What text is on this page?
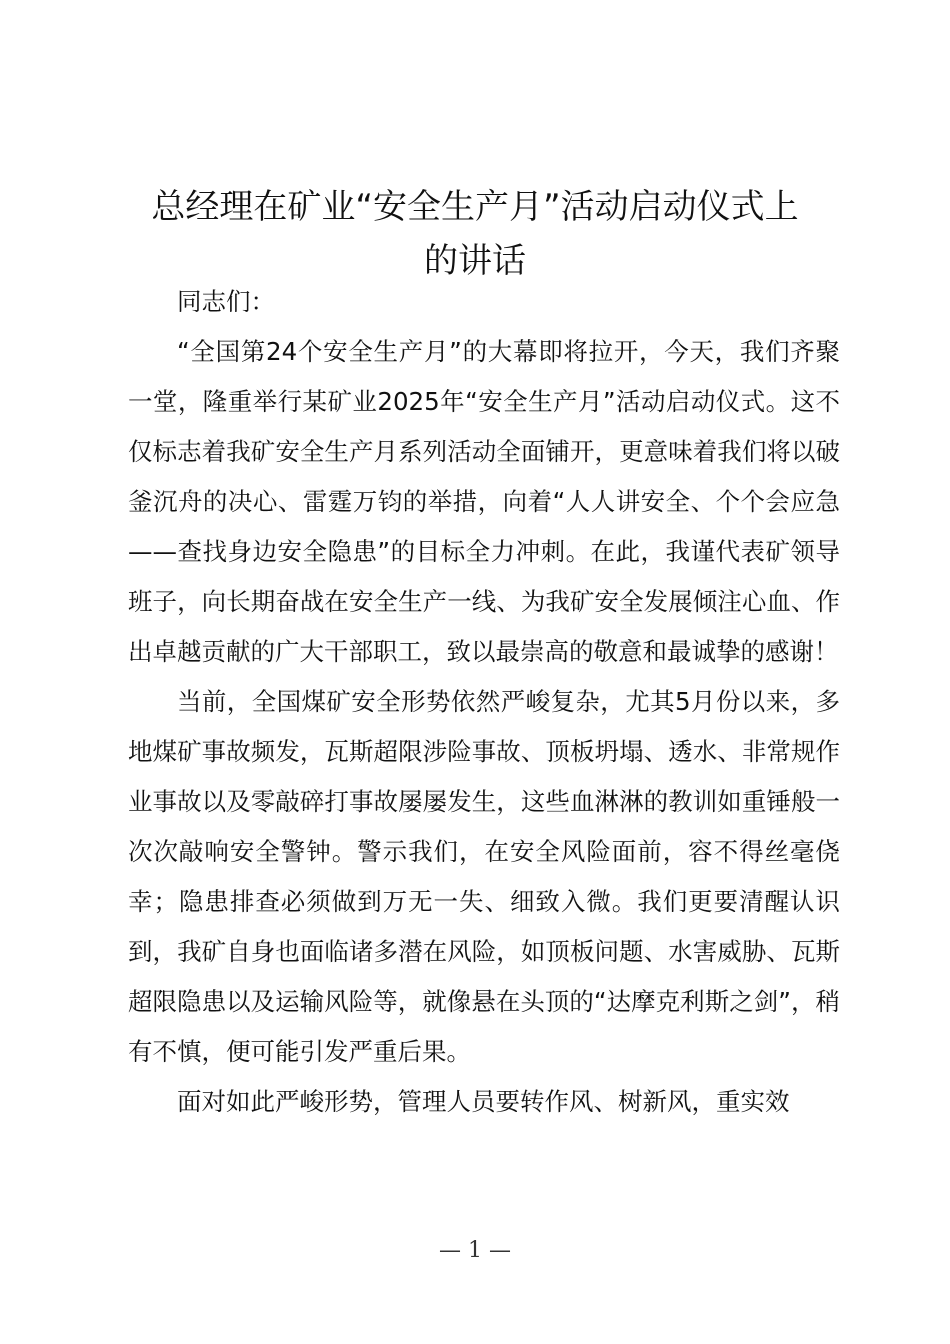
总经理在矿业“安全生产月”活动启动仪式上
的讲话

同志们：

“全国第24个安全生产月”的大幕即将拉开，今天，我们齐聚一堂，隆重举行某矿业2025年“安全生产月”活动启动仪式。这不仅标志着我矿安全生产月系列活动全面铺开，更意味着我们将以破釜沉舟的决心、雷霆万钧的举措，向着“人人讲安全、个个会应急——查找身边安全隐患”的目标全力冲刺。在此，我谨代表矿领导班子，向长期奋战在安全生产一线、为我矿安全发展倾注心血、作出卓越贡献的广大干部职工，致以最崇高的敬意和最诚挚的感谢！

当前，全国煤矿安全形势依然严峻复杂，尤其5月份以来，多地煤矿事故频发，瓦斯超限涉险事故、顶板坍塌、透水、非常规作业事故以及零敲碎打事故屡屡发生，这些血淋淋的教训如重锤般一次次敲响安全警钟。警示我们，在安全风险面前，容不得丝毫侥幸；隐患排查必须做到万无一失、细致入微。我们更要清醒认识到，我矿自身也面临诸多潜在风险，如顶板问题、水害威胁、瓦斯超限隐患以及运输风险等，就像悬在头顶的“达摩克利斯之剑”，稍有不慎，便可能引发严重后果。

面对如此严峻形势，管理人员要转作风、树新风，重实效

— 1 —
